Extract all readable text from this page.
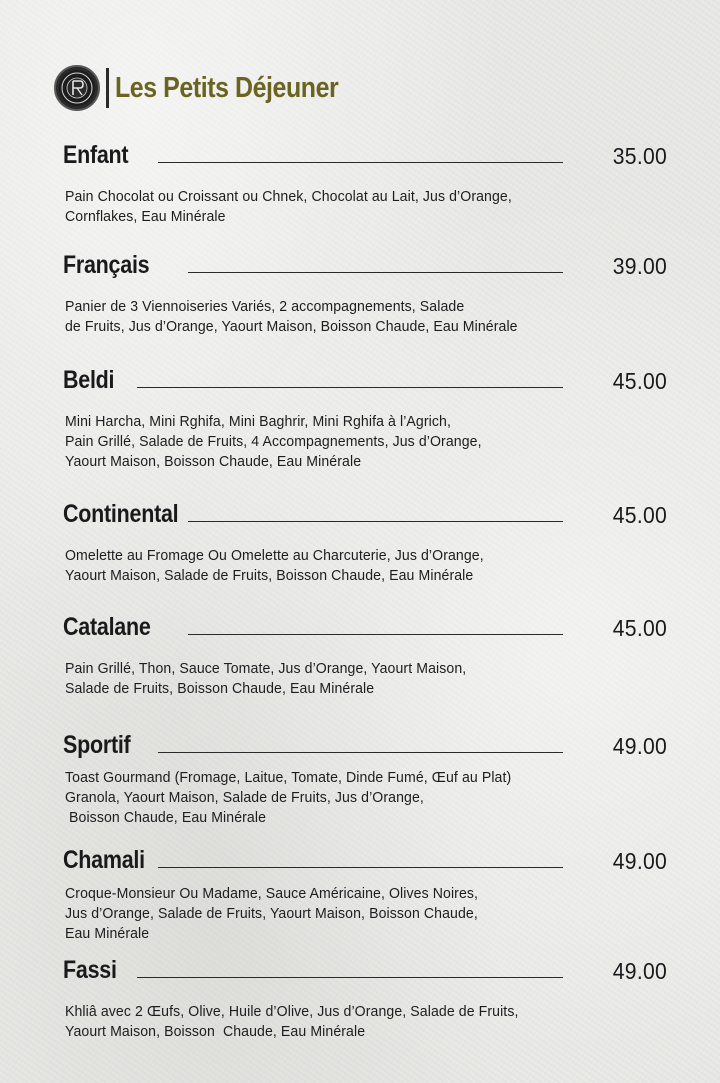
Les Petits Déjeuner
Enfant	35.00
Pain Chocolat ou Croissant ou Chnek, Chocolat au Lait, Jus d’Orange,
Cornflakes, Eau Minérale
Français	39.00
Panier de 3 Viennoiseries Variés, 2 accompagnements, Salade
de Fruits, Jus d’Orange, Yaourt Maison, Boisson Chaude, Eau Minérale
Beldi	45.00
Mini Harcha, Mini Rghifa, Mini Baghrir, Mini Rghifa à l’Agrich,
Pain Grillé, Salade de Fruits, 4 Accompagnements, Jus d’Orange,
Yaourt Maison, Boisson Chaude, Eau Minérale
Continental	45.00
Omelette au Fromage Ou Omelette au Charcuterie, Jus d’Orange,
Yaourt Maison, Salade de Fruits, Boisson Chaude, Eau Minérale
Catalane	45.00
Pain Grillé, Thon, Sauce Tomate, Jus d’Orange, Yaourt Maison,
Salade de Fruits, Boisson Chaude, Eau Minérale
Sportif	49.00
Toast Gourmand (Fromage, Laitue, Tomate, Dinde Fumé, Œuf au Plat)
Granola, Yaourt Maison, Salade de Fruits, Jus d’Orange,
Boisson Chaude, Eau Minérale
Chamali	49.00
Croque-Monsieur Ou Madame, Sauce Américaine, Olives Noires,
Jus d’Orange, Salade de Fruits, Yaourt Maison, Boisson Chaude,
Eau Minérale
Fassi	49.00
Khliâ avec 2 Œufs, Olive, Huile d’Olive, Jus d’Orange, Salade de Fruits,
Yaourt Maison, Boisson  Chaude, Eau Minérale
